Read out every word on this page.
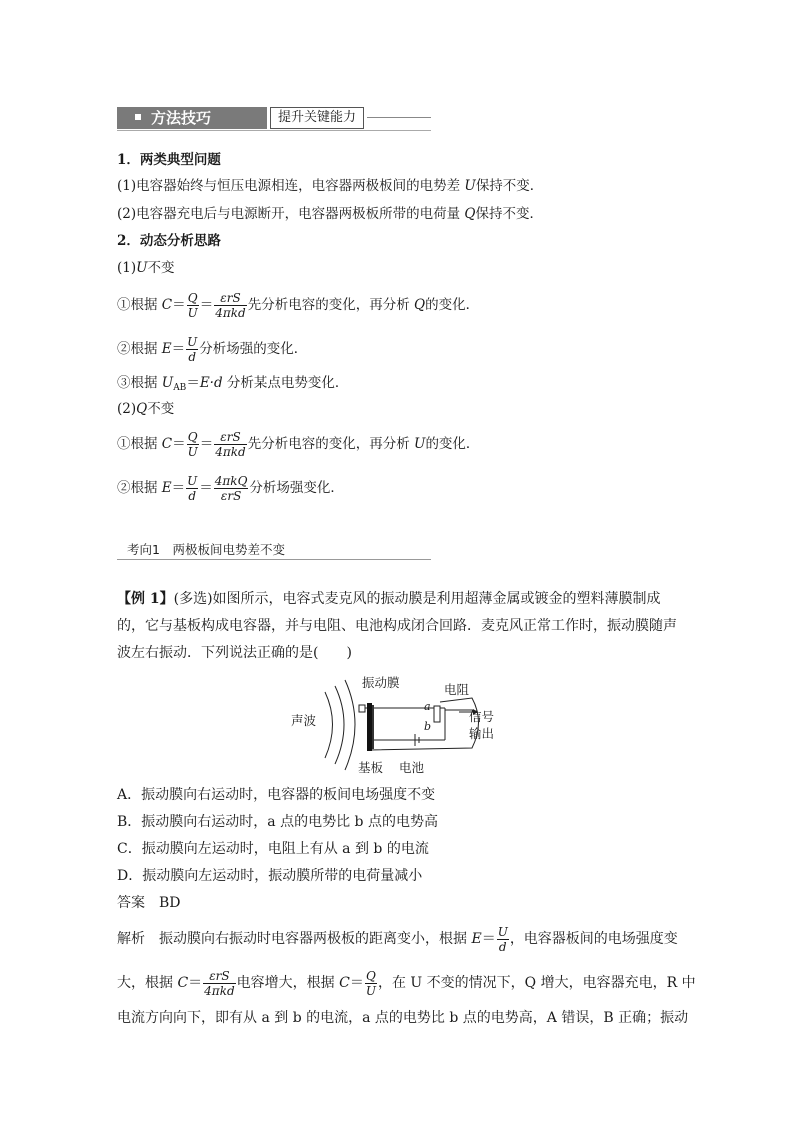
方法技巧	提升关键能力
1．两类典型问题
(1)电容器始终与恒压电源相连，电容器两极板间的电势差 U保持不变．
(2)电容器充电后与电源断开，电容器两极板所带的电荷量 Q保持不变．
2．动态分析思路
(1)U不变
①根据 $C= \frac{Q}{U} = \frac{\text{εrS}}{\text{4πkd}}$ 先分析电容的变化，再分析 Q的变化．
②根据 $E= \frac{U}{d}$ 分析场强的变化．
③根据 $U_{AB}=E\cdot d$ 分析某点电势变化．
(2)Q不变
①根据 $C= \frac{Q}{U} = \frac{\text{εrS}}{\text{4πkd}}$ 先分析电容的变化，再分析 U的变化．
②根据 $E= \frac{U}{d} = \frac{\text{4πkQ}}{\text{εrS}}$ 分析场强变化．
考向1　两极板间电势差不变
【例 1】(多选)如图所示，电容式麦克风的振动膜是利用超薄金属或镀金的塑料薄膜制成的，它与基板构成电容器，并与电阻、电池构成闭合回路．麦克风正常工作时，振动膜随声波左右振动．下列说法正确的是(　　)
声波
振动膜	电阻
信号
输出
基板 电池
a
b
A．振动膜向右运动时，电容器的板间电场强度不变
B．振动膜向右运动时，a 点的电势比 b 点的电势高
C．振动膜向左运动时，电阻上有从 a 到 b 的电流
D．振动膜向左运动时，振动膜所带的电荷量减小
答案　 BD
解析　 振动膜向右振动时电容器两极板的距离变小，根据 $E= \frac{U}{d}$ ，电容器板间的电场强度变
大，根据 $C= \frac{\text{εrS}}{\text{4πkd}}$ 电容增大，根据 $C= \frac{Q}{U}$ ，在 U 不变的情况下，Q 增大，电容器充电，R 中
电流方向向下，即有从 a 到 b 的电流，a 点的电势比 b 点的电势高，A 错误，B 正确；振动
